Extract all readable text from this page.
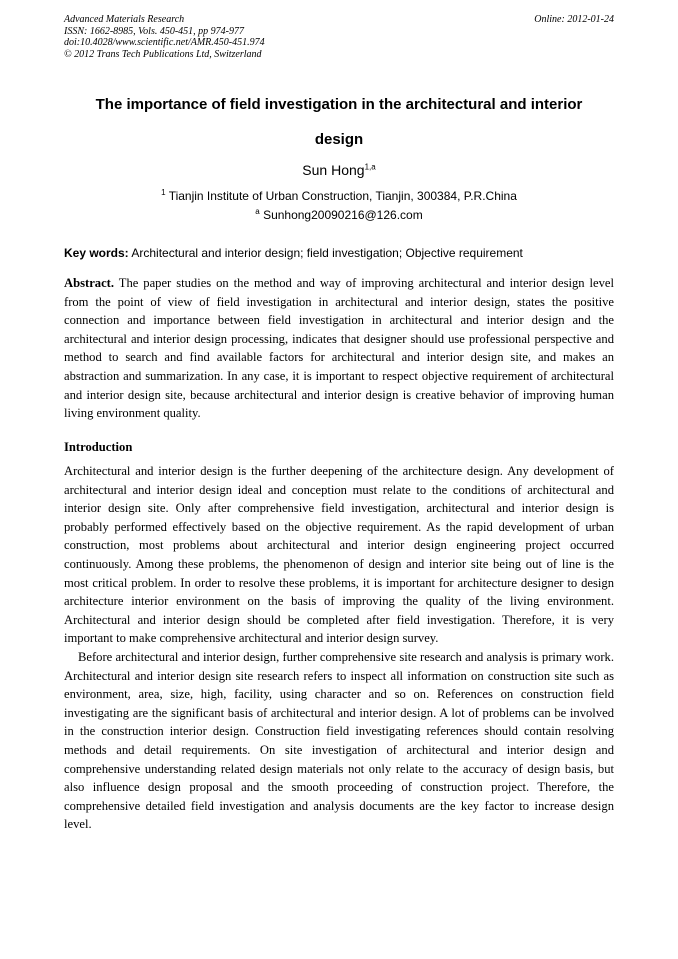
Advanced Materials Research
ISSN: 1662-8985, Vols. 450-451, pp 974-977
doi:10.4028/www.scientific.net/AMR.450-451.974
© 2012 Trans Tech Publications Ltd, Switzerland
Online: 2012-01-24
The importance of field investigation in the architectural and interior
design
Sun Hong$^{1,a}$
$^1$ Tianjin Institute of Urban Construction, Tianjin, 300384, P.R.China
$^a$ Sunhong20090216@126.com
Key words: Architectural and interior design; field investigation; Objective requirement

Abstract. The paper studies on the method and way of improving architectural and interior design level from the point of view of field investigation in architectural and interior design, states the positive connection and importance between field investigation in architectural and interior design and the architectural and interior design processing, indicates that designer should use professional perspective and method to search and find available factors for architectural and interior design site, and makes an abstraction and summarization. In any case, it is important to respect objective requirement of architectural and interior design site, because architectural and interior design is creative behavior of improving human living environment quality.

Introduction

Architectural and interior design is the further deepening of the architecture design. Any development of architectural and interior design ideal and conception must relate to the conditions of architectural and interior design site. Only after comprehensive field investigation, architectural and interior design is probably performed effectively based on the objective requirement. As the rapid development of urban construction, most problems about architectural and interior design engineering project occurred continuously. Among these problems, the phenomenon of design and interior site being out of line is the most critical problem. In order to resolve these problems, it is important for architecture designer to design architecture interior environment on the basis of improving the quality of the living environment. Architectural and interior design should be completed after field investigation. Therefore, it is very important to make comprehensive architectural and interior design survey.

Before architectural and interior design, further comprehensive site research and analysis is primary work. Architectural and interior design site research refers to inspect all information on construction site such as environment, area, size, high, facility, using character and so on. References on construction field investigating are the significant basis of architectural and interior design. A lot of problems can be involved in the construction interior design. Construction field investigating references should contain resolving methods and detail requirements. On site investigation of architectural and interior design and comprehensive understanding related design materials not only relate to the accuracy of design basis, but also influence design proposal and the smooth proceeding of construction project. Therefore, the comprehensive detailed field investigation and analysis documents are the key factor to increase design level.
